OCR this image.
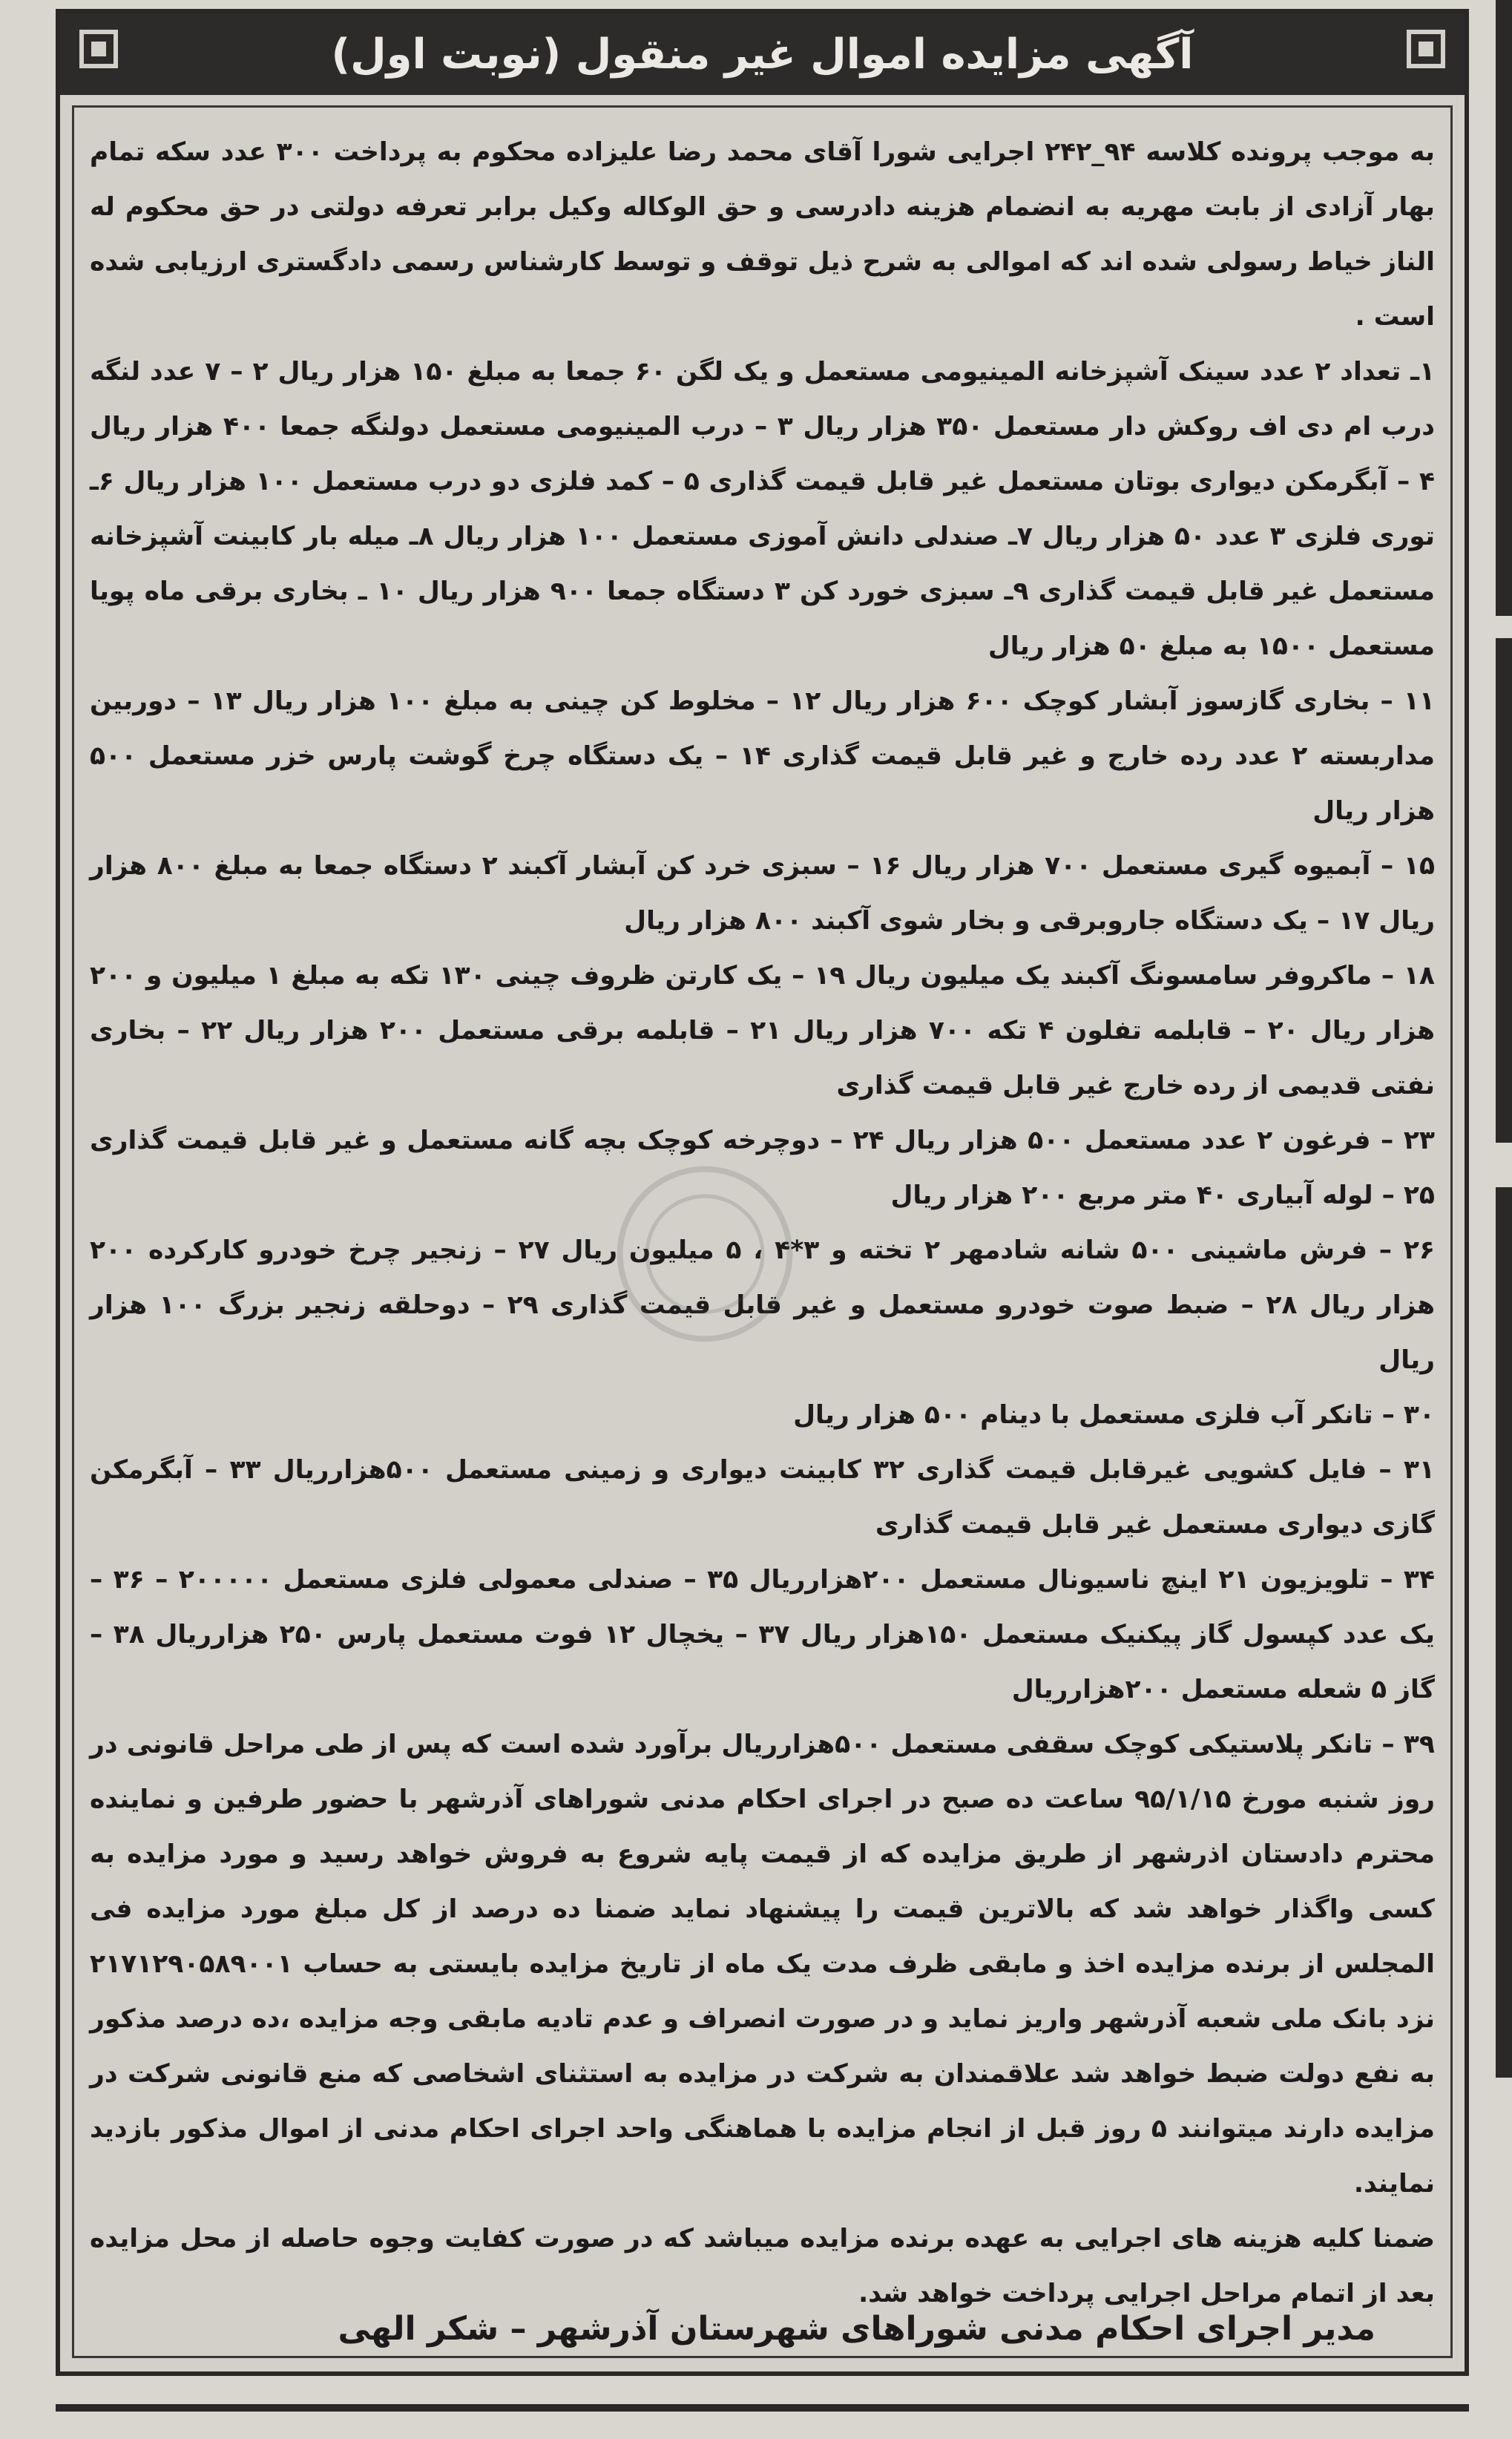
آگهی مزایده اموال غیر منقول (نوبت اول)

به موجب پرونده کلاسه ۹۴_۲۴۲ اجرایی شورا آقای محمد رضا علیزاده محکوم به پرداخت ۳۰۰ عدد سکه تمام بهار آزادی از بابت مهریه به انضمام هزینه دادرسی و حق الوکاله وکیل برابر تعرفه دولتی در حق محکوم له الناز خیاط رسولی شده اند که اموالی به شرح ذیل توقف و توسط کارشناس رسمی دادگستری ارزیابی شده است .

۱ـ تعداد ۲ عدد سینک آشپزخانه المینیومی مستعمل و یک لگن ۶۰ جمعا به مبلغ ۱۵۰ هزار ریال ۲ – ۷ عدد لنگه درب ام دی اف روکش دار مستعمل ۳۵۰ هزار ریال ۳ – درب المینیومی مستعمل دولنگه جمعا ۴۰۰ هزار ریال ۴ – آبگرمکن دیواری بوتان مستعمل غیر قابل قیمت گذاری ۵ – کمد فلزی دو درب مستعمل ۱۰۰ هزار ریال ۶ـ توری فلزی ۳ عدد ۵۰ هزار ریال ۷ـ صندلی دانش آموزی مستعمل ۱۰۰ هزار ریال ۸ـ میله بار کابینت آشپزخانه مستعمل غیر قابل قیمت گذاری ۹ـ سبزی خورد کن ۳ دستگاه جمعا ۹۰۰ هزار ریال ۱۰ ـ بخاری برقی ماه پویا مستعمل ۱۵۰۰ به مبلغ ۵۰ هزار ریال

۱۱ – بخاری گازسوز آبشار کوچک ۶۰۰ هزار ریال ۱۲ – مخلوط کن چینی به مبلغ ۱۰۰ هزار ریال ۱۳ – دوربین مداربسته ۲ عدد رده خارج و غیر قابل قیمت گذاری ۱۴ – یک دستگاه چرخ گوشت پارس خزر مستعمل ۵۰۰ هزار ریال

۱۵ – آبمیوه گیری مستعمل ۷۰۰ هزار ریال ۱۶ – سبزی خرد کن آبشار آکبند ۲ دستگاه جمعا به مبلغ ۸۰۰ هزار ریال ۱۷ – یک دستگاه جاروبرقی و بخار شوی آکبند ۸۰۰ هزار ریال

۱۸ – ماکروفر سامسونگ آکبند یک میلیون ریال ۱۹ – یک کارتن ظروف چینی ۱۳۰ تکه به مبلغ ۱ میلیون و ۲۰۰ هزار ریال ۲۰ – قابلمه تفلون ۴ تکه ۷۰۰ هزار ریال ۲۱ – قابلمه برقی مستعمل ۲۰۰ هزار ریال ۲۲ – بخاری نفتی قدیمی از رده خارج غیر قابل قیمت گذاری

۲۳ – فرغون ۲ عدد مستعمل ۵۰۰ هزار ریال ۲۴ – دوچرخه کوچک بچه گانه مستعمل و غیر قابل قیمت گذاری ۲۵ – لوله آبیاری ۴۰ متر مربع ۲۰۰ هزار ریال

۲۶ – فرش ماشینی ۵۰۰ شانه شادمهر ۲ تخته و ۳*۴ ، ۵ میلیون ریال ۲۷ – زنجیر چرخ خودرو کارکرده ۲۰۰ هزار ریال ۲۸ – ضبط صوت خودرو مستعمل و غیر قابل قیمت گذاری ۲۹ – دوحلقه زنجیر بزرگ ۱۰۰ هزار ریال

۳۰ – تانکر آب فلزی مستعمل با دینام ۵۰۰ هزار ریال

۳۱ – فایل کشویی غیرقابل قیمت گذاری ۳۲ کابینت دیواری و زمینی مستعمل ۵۰۰هزارریال ۳۳ – آبگرمکن گازی دیواری مستعمل غیر قابل قیمت گذاری

۳۴ – تلویزیون ۲۱ اینچ ناسیونال مستعمل ۲۰۰هزارریال ۳۵ – صندلی معمولی فلزی مستعمل ۲۰۰۰۰۰ – ۳۶ – یک عدد کپسول گاز پیکنیک مستعمل ۱۵۰هزار ریال ۳۷ – یخچال ۱۲ فوت مستعمل پارس ۲۵۰ هزارریال ۳۸ – گاز ۵ شعله مستعمل ۲۰۰هزارریال

۳۹ – تانکر پلاستیکی کوچک سقفی مستعمل ۵۰۰هزارریال برآورد شده است که پس از طی مراحل قانونی در روز شنبه مورخ ۹۵/۱/۱۵ ساعت ده صبح در اجرای احکام مدنی شوراهای آذرشهر با حضور طرفین و نماینده محترم دادستان اذرشهر از طریق مزایده که از قیمت پایه شروع به فروش خواهد رسید و مورد مزایده به کسی واگذار خواهد شد که بالاترین قیمت را پیشنهاد نماید ضمنا ده درصد از کل مبلغ مورد مزایده فی المجلس از برنده مزایده اخذ و مابقی ظرف مدت یک ماه از تاریخ مزایده بایستی به حساب ۲۱۷۱۲۹۰۵۸۹۰۰۱ نزد بانک ملی شعبه آذرشهر واریز نماید و در صورت انصراف و عدم تادیه مابقی وجه مزایده ،ده درصد مذکور به نفع دولت ضبط خواهد شد علاقمندان به شرکت در مزایده به استثنای اشخاصی که منع قانونی شرکت در مزایده دارند میتوانند ۵ روز قبل از انجام مزایده با هماهنگی واحد اجرای احکام مدنی از اموال مذکور بازدید نمایند.

ضمنا کلیه هزینه های اجرایی به عهده برنده مزایده میباشد که در صورت کفایت وجوه حاصله از محل مزایده بعد از اتمام مراحل اجرایی پرداخت خواهد شد.

مدیر اجرای احکام مدنی شوراهای شهرستان آذرشهر – شکر الهی
